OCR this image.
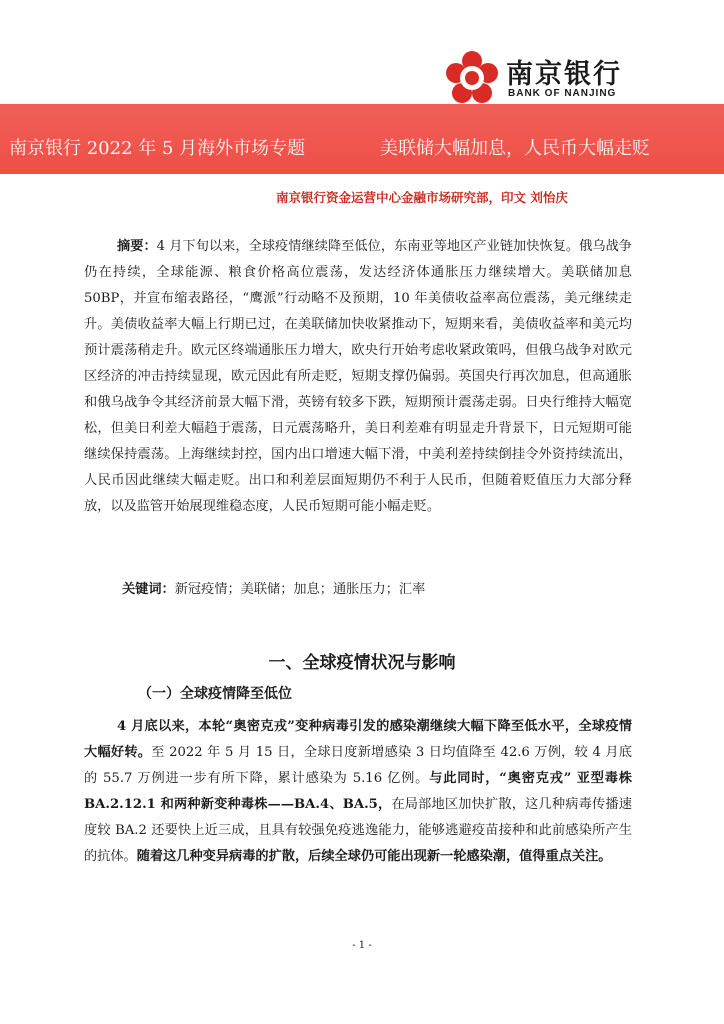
南京银行
BANK OF NANJING
南京银行 2022 年 5 月海外市场专题	美联储大幅加息，人民币大幅走贬
南京银行资金运营中心金融市场研究部，印文 刘怡庆

摘要：4 月下旬以来，全球疫情继续降至低位，东南亚等地区产业链加快恢复。俄乌战争仍在持续，全球能源、粮食价格高位震荡，发达经济体通胀压力继续增大。美联储加息 50BP，并宣布缩表路径，“鹰派”行动略不及预期，10 年美债收益率高位震荡，美元继续走升。美债收益率大幅上行期已过，在美联储加快收紧推动下，短期来看，美债收益率和美元均预计震荡稍走升。欧元区终端通胀压力增大，欧央行开始考虑收紧政策吗，但俄乌战争对欧元区经济的冲击持续显现，欧元因此有所走贬，短期支撑仍偏弱。英国央行再次加息，但高通胀和俄乌战争令其经济前景大幅下滑，英镑有较多下跌，短期预计震荡走弱。日央行维持大幅宽松，但美日利差大幅趋于震荡，日元震荡略升，美日利差难有明显走升背景下，日元短期可能继续保持震荡。上海继续封控，国内出口增速大幅下滑，中美利差持续倒挂令外资持续流出，人民币因此继续大幅走贬。出口和利差层面短期仍不利于人民币，但随着贬值压力大部分释放，以及监管开始展现维稳态度，人民币短期可能小幅走贬。

关键词：新冠疫情；美联储；加息；通胀压力；汇率
一、全球疫情状况与影响
（一）全球疫情降至低位

4 月底以来，本轮“奥密克戎”变种病毒引发的感染潮继续大幅下降至低水平，全球疫情大幅好转。至 2022 年 5 月 15 日，全球日度新增感染 3 日均值降至 42.6 万例，较 4 月底的 55.7 万例进一步有所下降，累计感染为 5.16 亿例。与此同时，“奥密克戎” 亚型毒株 BA.2.12.1 和两种新变种毒株——BA.4、BA.5，在局部地区加快扩散，这几种病毒传播速度较 BA.2 还要快上近三成，且具有较强免疫逃逸能力，能够逃避疫苗接种和此前感染所产生的抗体。随着这几种变异病毒的扩散，后续全球仍可能出现新一轮感染潮，值得重点关注。

- 1 -
